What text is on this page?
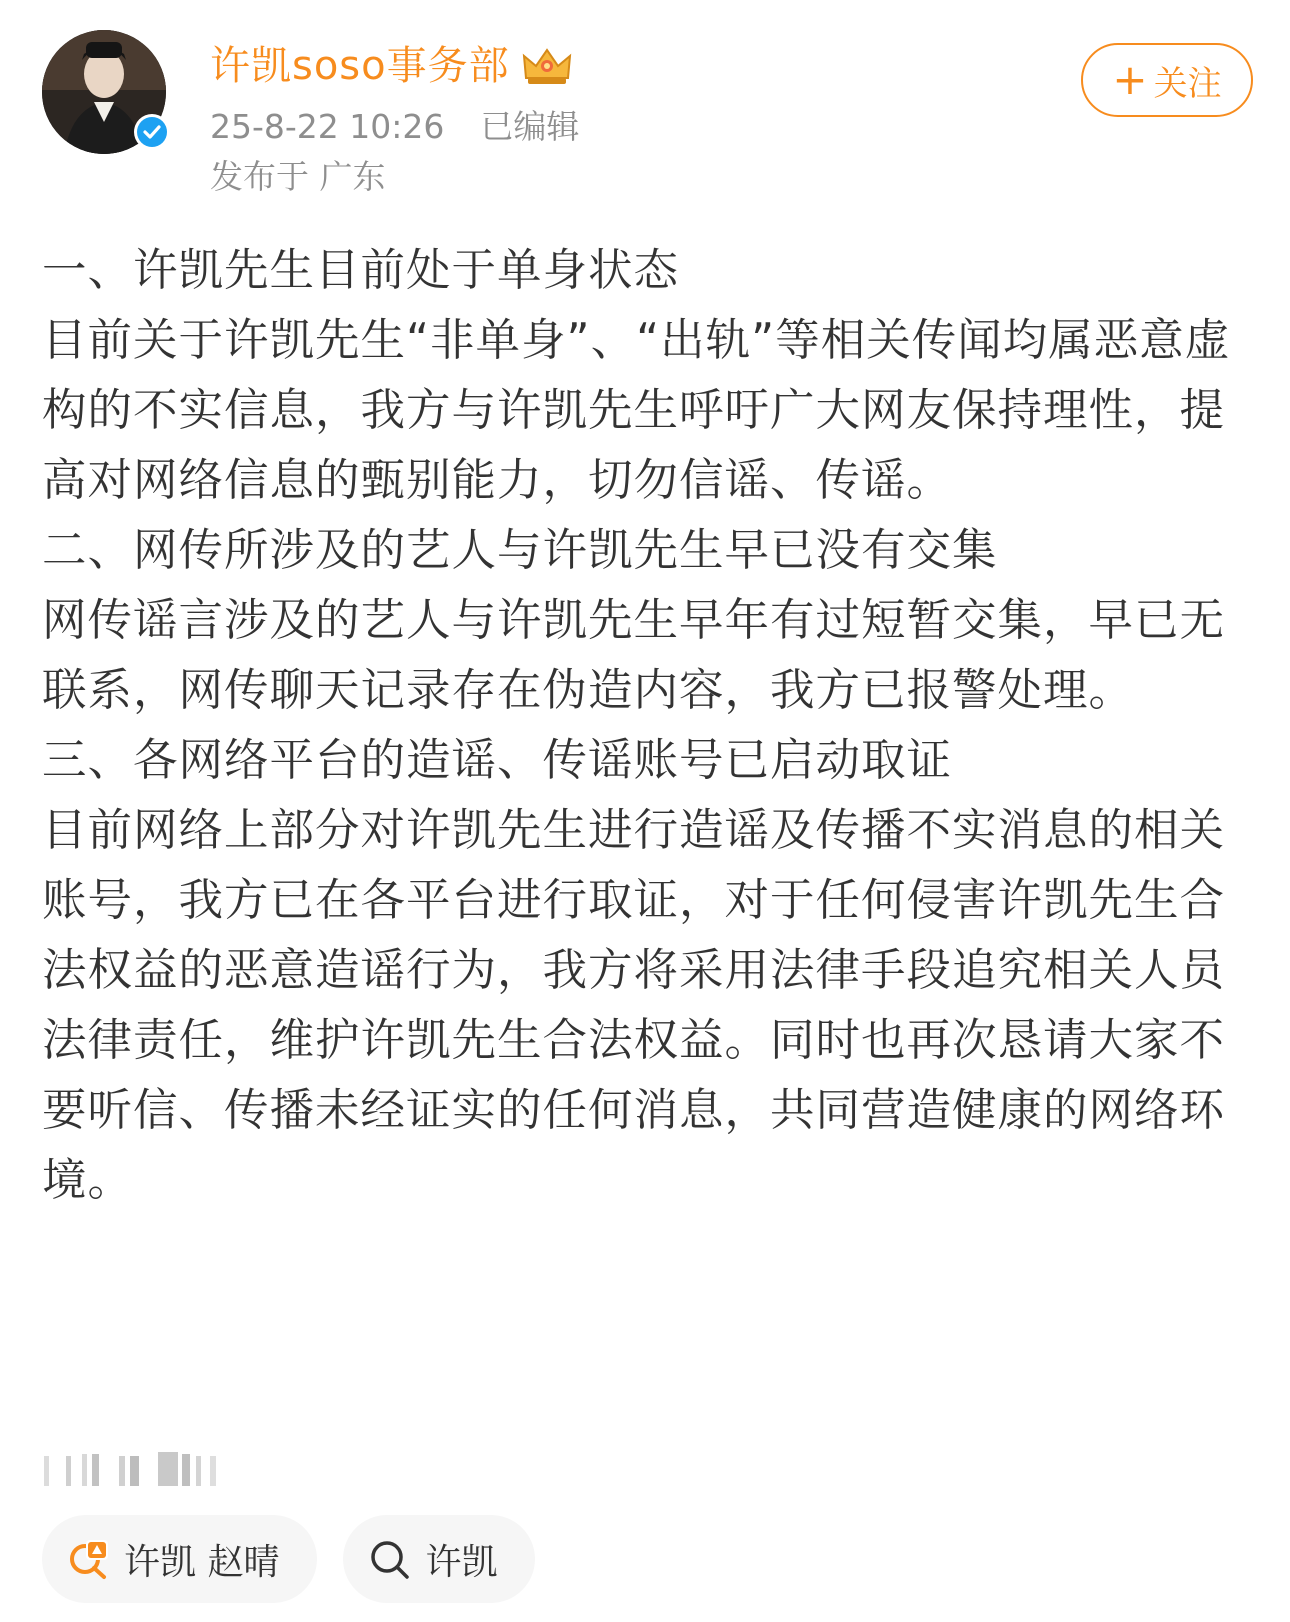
许凯soso事务部
25-8-22 10:26 已编辑
发布于 广东
+ 关注

一、许凯先生目前处于单身状态

目前关于许凯先生“非单身”、“出轨”等相关传闻均属恶意虚构的不实信息，我方与许凯先生呼吁广大网友保持理性，提高对网络信息的甄别能力，切勿信谣、传谣。

二、网传所涉及的艺人与许凯先生早已没有交集

网传谣言涉及的艺人与许凯先生早年有过短暂交集，早已无联系，网传聊天记录存在伪造内容，我方已报警处理。

三、各网络平台的造谣、传谣账号已启动取证

目前网络上部分对许凯先生进行造谣及传播不实消息的相关账号，我方已在各平台进行取证，对于任何侵害许凯先生合法权益的恶意造谣行为，我方将采用法律手段追究相关人员法律责任，维护许凯先生合法权益。同时也再次恳请大家不要听信、传播未经证实的任何消息，共同营造健康的网络环境。

许凯 赵晴	许凯
